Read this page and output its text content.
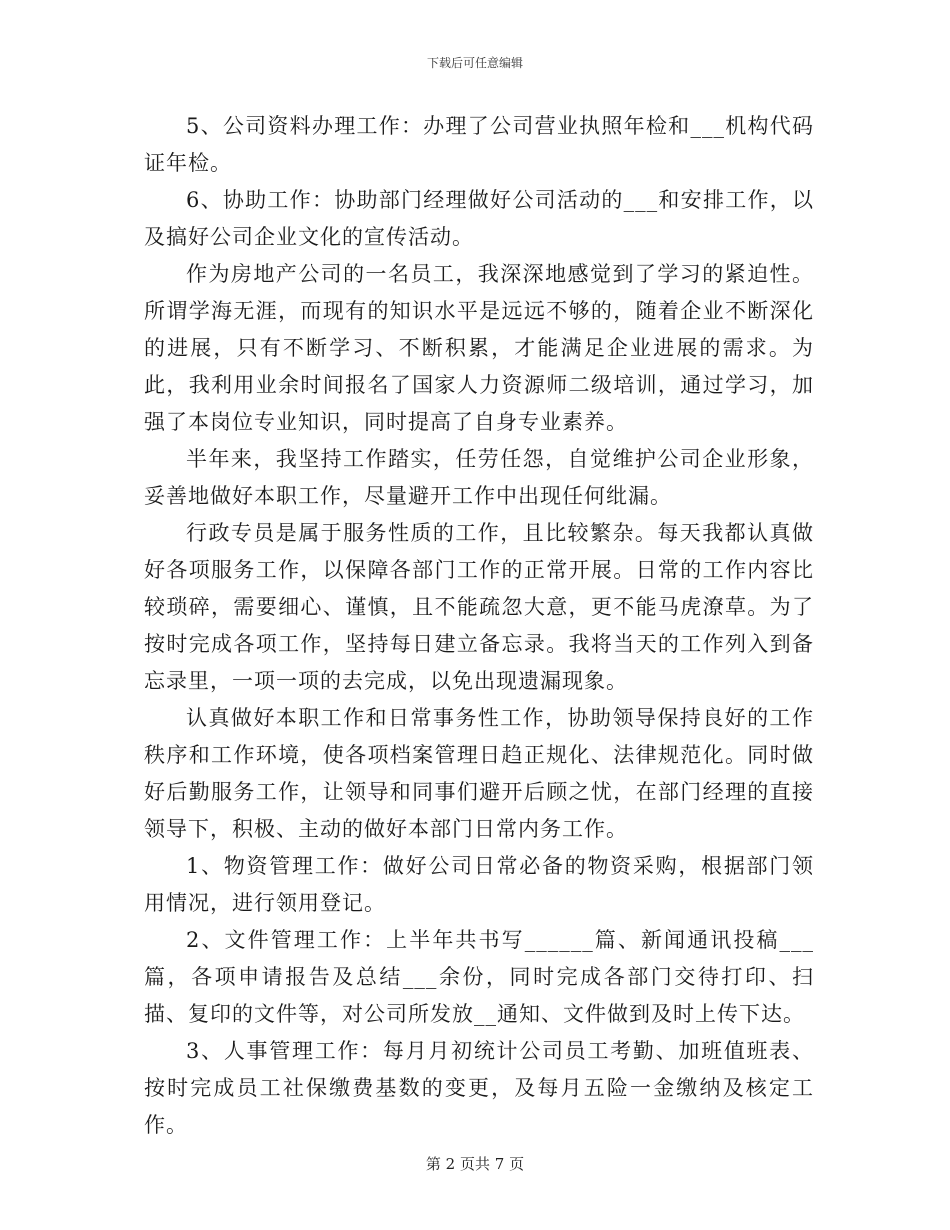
下载后可任意编辑

5、公司资料办理工作：办理了公司营业执照年检和___机构代码证年检。

6、协助工作：协助部门经理做好公司活动的___和安排工作，以及搞好公司企业文化的宣传活动。

作为房地产公司的一名员工，我深深地感觉到了学习的紧迫性。所谓学海无涯，而现有的知识水平是远远不够的，随着企业不断深化的进展，只有不断学习、不断积累，才能满足企业进展的需求。为此，我利用业余时间报名了国家人力资源师二级培训，通过学习，加强了本岗位专业知识，同时提高了自身专业素养。

半年来，我坚持工作踏实，任劳任怨，自觉维护公司企业形象，妥善地做好本职工作，尽量避开工作中出现任何纰漏。

行政专员是属于服务性质的工作，且比较繁杂。每天我都认真做好各项服务工作，以保障各部门工作的正常开展。日常的工作内容比较琐碎，需要细心、谨慎，且不能疏忽大意，更不能马虎潦草。为了按时完成各项工作，坚持每日建立备忘录。我将当天的工作列入到备忘录里，一项一项的去完成，以免出现遗漏现象。

认真做好本职工作和日常事务性工作，协助领导保持良好的工作秩序和工作环境，使各项档案管理日趋正规化、法律规范化。同时做好后勤服务工作，让领导和同事们避开后顾之忧，在部门经理的直接领导下，积极、主动的做好本部门日常内务工作。

1、物资管理工作：做好公司日常必备的物资采购，根据部门领用情况，进行领用登记。

2、文件管理工作：上半年共书写______篇、新闻通讯投稿___篇，各项申请报告及总结___余份，同时完成各部门交待打印、扫描、复印的文件等，对公司所发放__通知、文件做到及时上传下达。

3、人事管理工作：每月月初统计公司员工考勤、加班值班表、按时完成员工社保缴费基数的变更，及每月五险一金缴纳及核定工作。

第 2 页共 7 页
